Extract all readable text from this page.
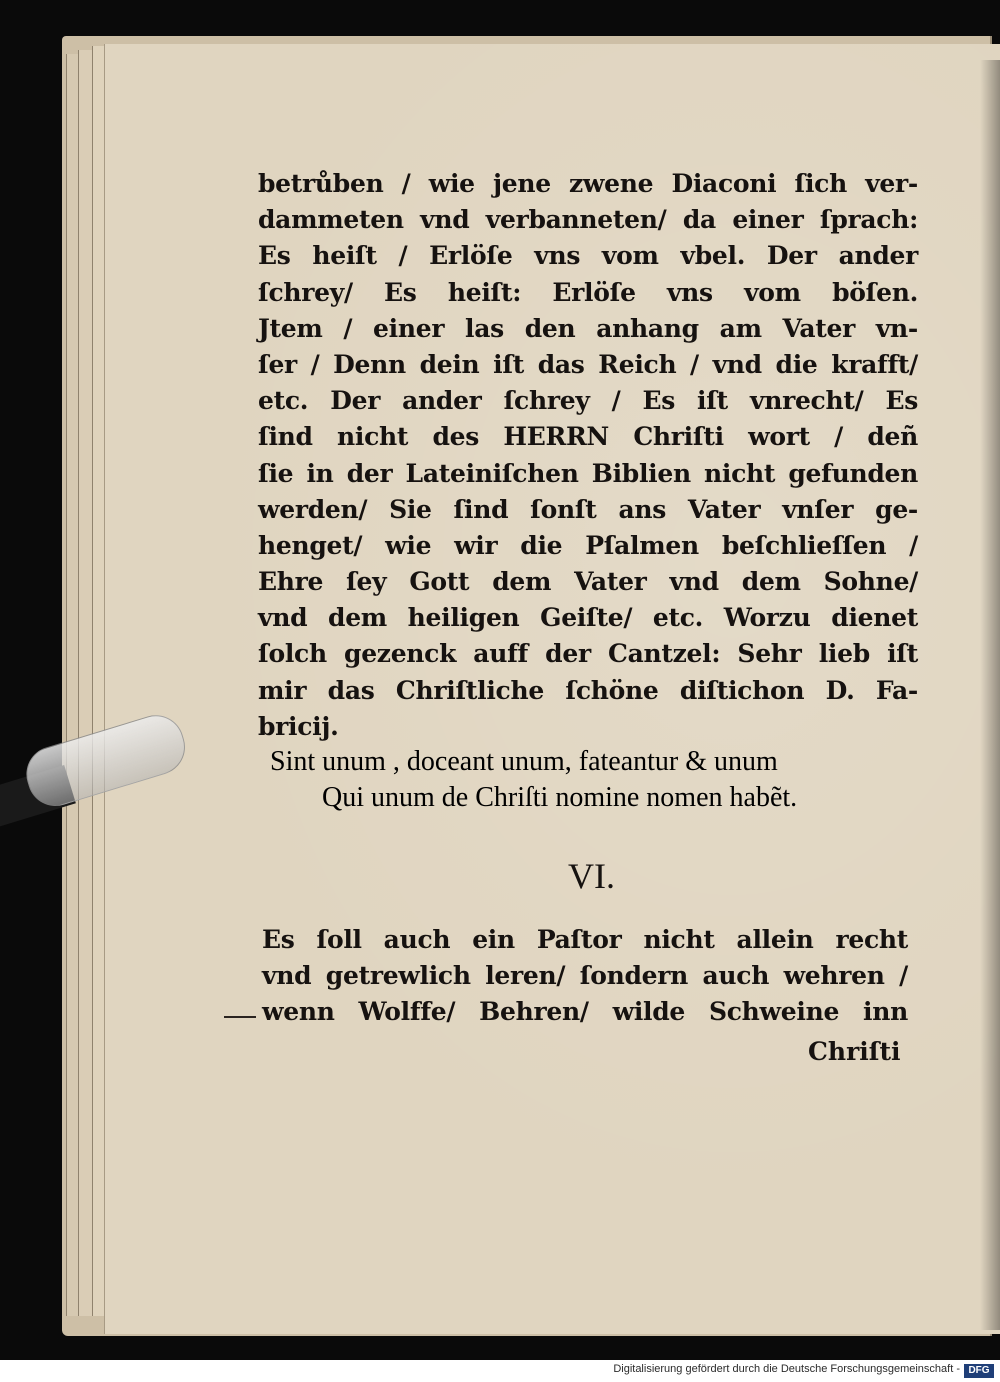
betrůben / wie jene zwene Diaconi ſich ver-
dammeten vnd verbanneten/ da einer ſprach:
Es heiſt / Erlöſe vns vom vbel. Der ander
ſchrey/ Es heiſt: Erlöſe vns vom böſen.
Jtem / einer las den anhang am Vater vn-
ſer / Denn dein iſt das Reich / vnd die krafft/
etc. Der ander ſchrey / Es iſt vnrecht/ Es
ſind nicht des HERRN Chriſti wort / deñ
ſie in der Lateiniſchen Biblien nicht gefunden
werden/ Sie ſind ſonſt ans Vater vnſer ge-
henget/ wie wir die Pſalmen beſchlieſſen /
Ehre ſey Gott dem Vater vnd dem Sohne/
vnd dem heiligen Geiſte/ etc. Worzu dienet
ſolch gezenck auff der Cantzel: Sehr lieb iſt
mir das Chriſtliche ſchöne diſtichon D. Fa-
bricij.
Sint unum , doceant unum, fateantur & unum
Qui unum de Chriſti nomine nomen habẽt.
VI.
Es ſoll auch ein Paſtor nicht allein recht
vnd getrewlich leren/ ſondern auch wehren /
wenn Wolffe/ Behren/ wilde Schweine inn
Chriſti
Digitalisierung gefördert durch die Deutsche Forschungsgemeinschaft - DFG
